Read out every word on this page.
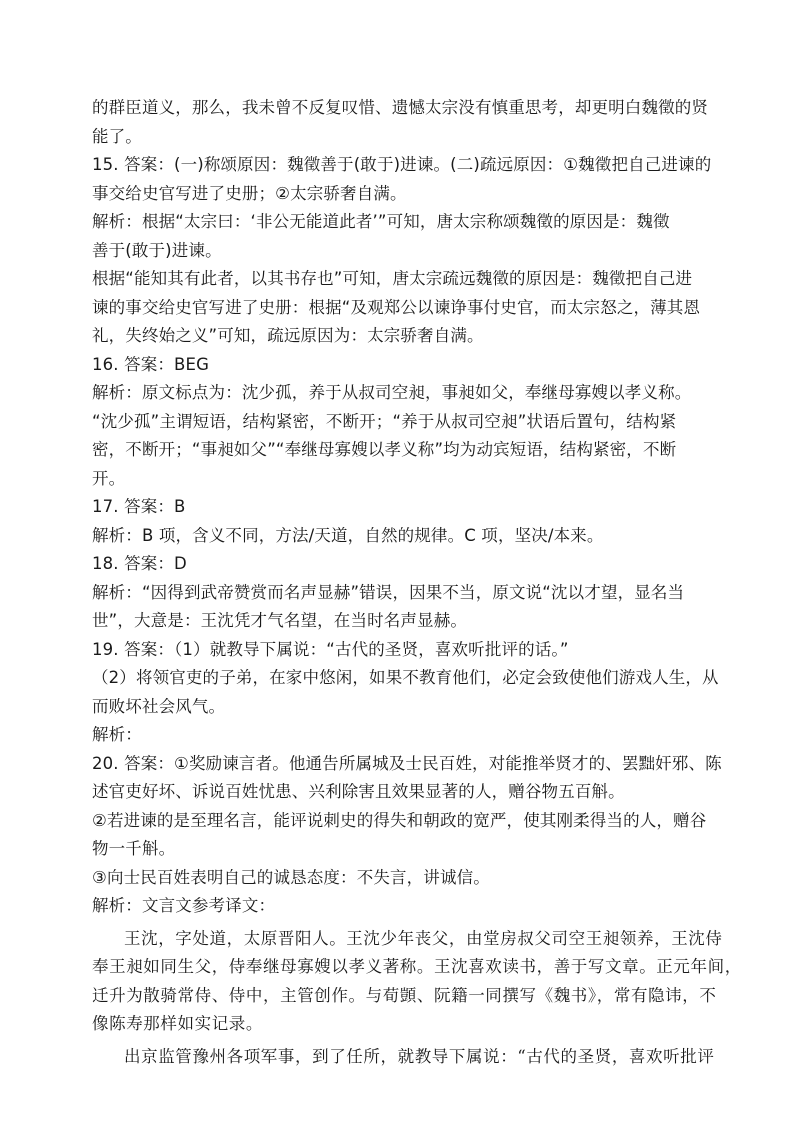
的群臣道义，那么，我未曾不反复叹惜、遗憾太宗没有慎重思考，却更明白魏徵的贤
能了。
15. 答案：(一)称颂原因：魏徵善于(敢于)进谏。(二)疏远原因：①魏徵把自己进谏的
事交给史官写进了史册；②太宗骄奢自满。
解析：根据“太宗曰：‘非公无能道此者’”可知，唐太宗称颂魏徵的原因是：魏徵
善于(敢于)进谏。
根据“能知其有此者，以其书存也”可知，唐太宗疏远魏徵的原因是：魏徵把自己进
谏的事交给史官写进了史册：根据“及观郑公以谏诤事付史官，而太宗怒之，薄其恩
礼，失终始之义”可知，疏远原因为：太宗骄奢自满。
16. 答案：BEG
解析：原文标点为：沈少孤，养于从叔司空昶，事昶如父，奉继母寡嫂以孝义称。
“沈少孤”主谓短语，结构紧密，不断开；“养于从叔司空昶”状语后置句，结构紧
密，不断开；“事昶如父”“奉继母寡嫂以孝义称”均为动宾短语，结构紧密，不断
开。
17. 答案：B
解析：B 项，含义不同，方法/天道，自然的规律。C 项，坚决/本来。
18. 答案：D
解析：“因得到武帝赞赏而名声显赫”错误，因果不当，原文说“沈以才望，显名当
世”，大意是：王沈凭才气名望，在当时名声显赫。
19. 答案：（1）就教导下属说：“古代的圣贤，喜欢听批评的话。”
（2）将领官吏的子弟，在家中悠闲，如果不教育他们，必定会致使他们游戏人生，从
而败坏社会风气。
解析：
20. 答案：①奖励谏言者。他通告所属城及士民百姓，对能推举贤才的、罢黜奸邪、陈
述官吏好坏、诉说百姓忧患、兴利除害且效果显著的人，赠谷物五百斛。
②若进谏的是至理名言，能评说刺史的得失和朝政的宽严，使其刚柔得当的人，赠谷
物一千斛。
③向士民百姓表明自己的诚恳态度：不失言，讲诚信。
解析：文言文参考译文：
王沈，字处道，太原晋阳人。王沈少年丧父，由堂房叔父司空王昶领养，王沈侍
奉王昶如同生父，侍奉继母寡嫂以孝义著称。王沈喜欢读书，善于写文章。正元年间，
迁升为散骑常侍、侍中，主管创作。与荀顗、阮籍一同撰写《魏书》，常有隐讳，不
像陈寿那样如实记录。
出京监管豫州各项军事，到了任所，就教导下属说：“古代的圣贤，喜欢听批评
